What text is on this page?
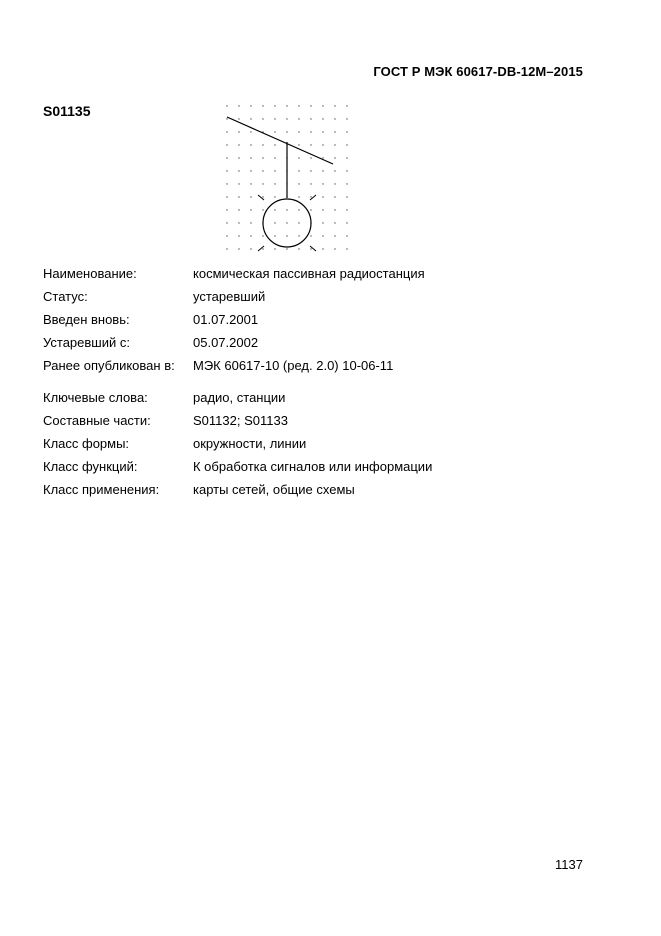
ГОСТ Р МЭК 60617-DB-12M–2015
S01135
Наименование:	космическая пассивная радиостанция
Статус:	устаревший
Введен вновь:	01.07.2001
Устаревший с:	05.07.2002
Ранее опубликован в:	МЭК 60617-10 (ред. 2.0) 10-06-11
Ключевые слова:	радио, станции
Составные части:	S01132; S01133
Класс формы:	окружности, линии
Класс функций:	К обработка сигналов или информации
Класс применения:	карты сетей, общие схемы
1137
